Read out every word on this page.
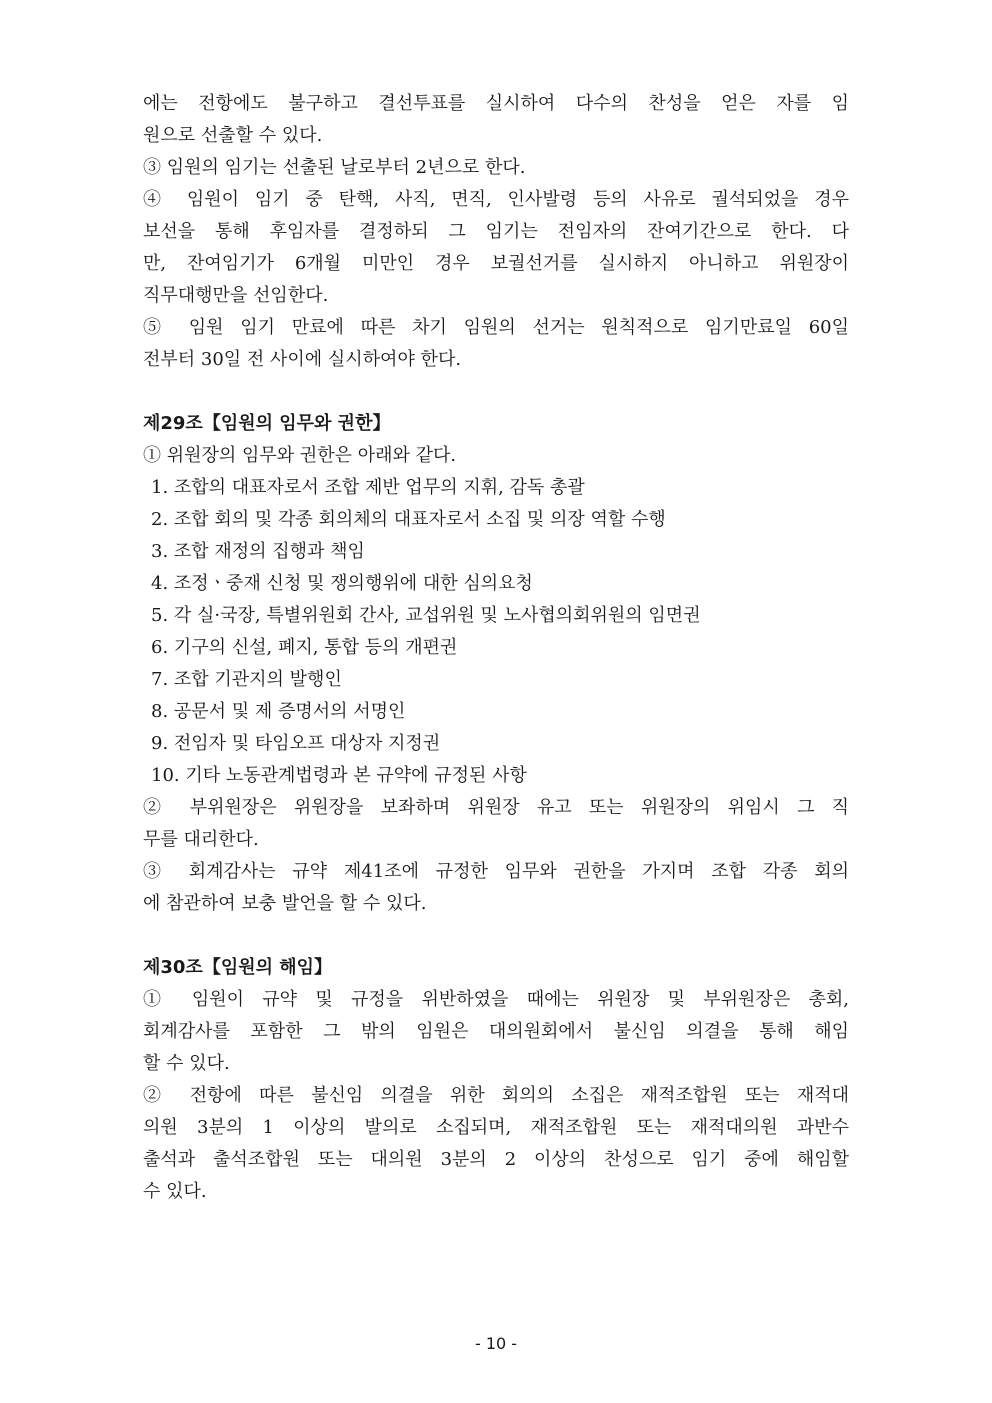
에는 전항에도 불구하고 결선투표를 실시하여 다수의 찬성을 얻은 자를 임
원으로 선출할 수 있다.
③ 임원의 임기는 선출된 날로부터 2년으로 한다.
④ 임원이 임기 중 탄핵, 사직, 면직, 인사발령 등의 사유로 궐석되었을 경우
보선을 통해 후임자를 결정하되 그 임기는 전임자의 잔여기간으로 한다. 다
만, 잔여임기가 6개월 미만인 경우 보궐선거를 실시하지 아니하고 위원장이
직무대행만을 선임한다.
⑤ 임원 임기 만료에 따른 차기 임원의 선거는 원칙적으로 임기만료일 60일
전부터 30일 전 사이에 실시하여야 한다.
제29조【임원의 임무와 권한】
① 위원장의 임무와 권한은 아래와 같다.
1. 조합의 대표자로서 조합 제반 업무의 지휘, 감독 총괄
2. 조합 회의 및 각종 회의체의 대표자로서 소집 및 의장 역할 수행
3. 조합 재정의 집행과 책임
4. 조정ㆍ중재 신청 및 쟁의행위에 대한 심의요청
5. 각 실·국장, 특별위원회 간사, 교섭위원 및 노사협의회위원의 임면권
6. 기구의 신설, 폐지, 통합 등의 개편권
7. 조합 기관지의 발행인
8. 공문서 및 제 증명서의 서명인
9. 전임자 및 타임오프 대상자 지정권
10. 기타 노동관계법령과 본 규약에 규정된 사항
② 부위원장은 위원장을 보좌하며 위원장 유고 또는 위원장의 위임시 그 직
무를 대리한다.
③ 회계감사는 규약 제41조에 규정한 임무와 권한을 가지며 조합 각종 회의
에 참관하여 보충 발언을 할 수 있다.
제30조【임원의 해임】
① 임원이 규약 및 규정을 위반하였을 때에는 위원장 및 부위원장은 총회,
회계감사를 포함한 그 밖의 임원은 대의원회에서 불신임 의결을 통해 해임
할 수 있다.
② 전항에 따른 불신임 의결을 위한 회의의 소집은 재적조합원 또는 재적대
의원 3분의 1 이상의 발의로 소집되며, 재적조합원 또는 재적대의원 과반수
출석과 출석조합원 또는 대의원 3분의 2 이상의 찬성으로 임기 중에 해임할
수 있다.
- 10 -
